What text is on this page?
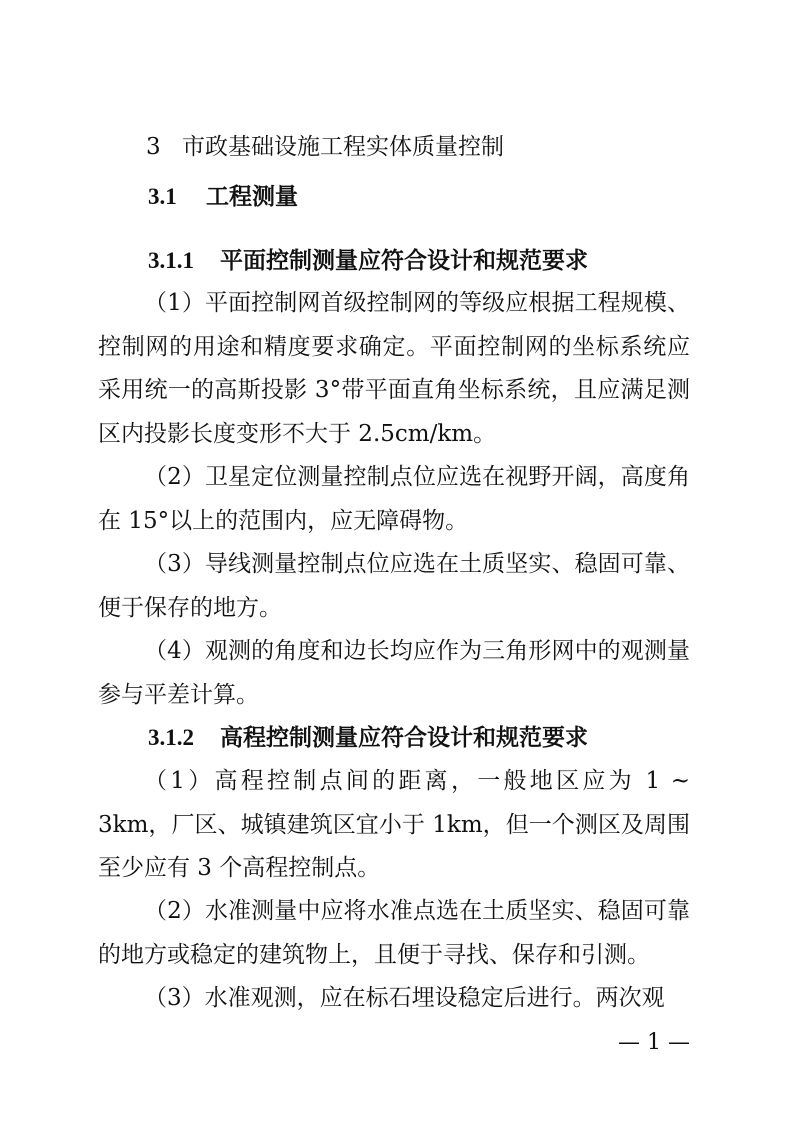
3 市政基础设施工程实体质量控制
3.1 工程测量
3.1.1 平面控制测量应符合设计和规范要求

（1）平面控制网首级控制网的等级应根据工程规模、控制网的用途和精度要求确定。平面控制网的坐标系统应采用统一的高斯投影 3°带平面直角坐标系统，且应满足测区内投影长度变形不大于 2.5cm/km。

（2）卫星定位测量控制点位应选在视野开阔，高度角在 15°以上的范围内，应无障碍物。

（3）导线测量控制点位应选在土质坚实、稳固可靠、便于保存的地方。

（4）观测的角度和边长均应作为三角形网中的观测量参与平差计算。

3.1.2 高程控制测量应符合设计和规范要求

（1）高程控制点间的距离，一般地区应为 1 ~ 3km，厂区、城镇建筑区宜小于 1km，但一个测区及周围至少应有 3 个高程控制点。

（2）水准测量中应将水准点选在土质坚实、稳固可靠的地方或稳定的建筑物上，且便于寻找、保存和引测。

（3）水准观测，应在标石埋设稳定后进行。两次观

— 1 —
